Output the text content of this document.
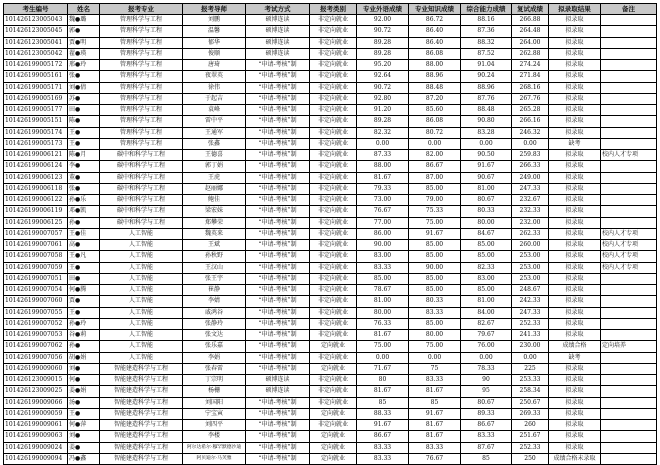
考生编号	姓名	报考专业	报考导师	考试方式	报考类别	专业外语成绩	专业知识成绩	综合能力成绩	复试成绩	拟录取结果	备注
101426123005043	魏●璐	管理科学与工程	刘鹏	硕博连读	非定向就业	92.00	86.72	88.16	266.88	拟录取	
101426123005045	郭●	管理科学与工程	温馨	硕博连读	非定向就业	90.72	86.40	87.36	264.48	拟录取	
101426123005041	贾●明	管理科学与工程	郁华	硕博连读	非定向就业	89.28	86.40	88.32	264.00	拟录取	
101426123005042	翟●瑛	管理科学与工程	俊顺	硕博连读	非定向就业	89.28	86.08	87.52	262.88	拟录取	
101426199005172	邢●玲	管理科学与工程	唐琦	“申请-考核”制	非定向就业	95.20	88.00	91.04	274.24	拟录取	
101426199005161	张●	管理科学与工程	夜翠英	“申请-考核”制	非定向就业	92.64	88.96	90.24	271.84	拟录取	
101426199005171	刘●倩	管理科学与工程	徐伟	“申请-考核”制	非定向就业	90.72	88.48	88.96	268.16	拟录取	
101426199005169	苏●	管理科学与工程	于起吉	“申请-考核”制	非定向就业	92.80	87.20	87.76	267.76	拟录取	
101426199005177	田●	管理科学与工程	袁峰	“申请-考核”制	非定向就业	91.20	85.60	88.48	265.28	拟录取	
101426199005151	陈●	管理科学与工程	雷中平	“申请-考核”制	非定向就业	89.28	86.08	90.80	266.16	拟录取	
101426199005174	王●	管理科学与工程	王通军	“申请-考核”制	非定向就业	82.32	80.72	83.28	246.32	拟录取	
101426199005173	王●	管理科学与工程	张鑫	“申请-考核”制	非定向就业	0.00	0.00	0.00	0.00	缺考	
101426199006121	陈●月	碳中和科学与工程	王德喜	“申请-考核”制	非定向就业	87.33	82.00	90.50	259.83	拟录取	校内人才专项
101426199006124	李●	碳中和科学与工程	郭丁娟	“申请-考核”制	非定向就业	88.00	86.67	91.67	266.33	拟录取	
101426199006123	董●	碳中和科学与工程	王虎	“申请-考核”制	非定向就业	81.67	87.00	90.67	249.00	拟录取	
101426199006118	张●	碳中和科学与工程	赵丽娜	“申请-考核”制	非定向就业	79.33	85.00	81.00	247.33	拟录取	
101426199006122	孙●乐	碳中和科学与工程	鲍佳	“申请-考核”制	非定向就业	73.00	79.00	80.67	232.67	拟录取	
101426199006119	邓●凯	碳中和科学与工程	梁宏妹	“申请-考核”制	非定向就业	76.67	75.33	80.33	232.33	拟录取	
101426199006125	孙●	碳中和科学与工程	郑攀荣	“申请-考核”制	非定向就业	77.00	75.00	80.00	232.00	拟录取	
101426199007057	王●佳	人工智能	魏英来	“申请-考核”制	非定向就业	86.00	91.67	84.67	262.33	拟录取	校内人才专项
101426199007061	高●	人工智能	王斌	“申请-考核”制	非定向就业	90.00	85.00	85.00	260.00	拟录取	校内人才专项
101426199007058	王●凡	人工智能	孙秋野	“申请-考核”制	非定向就业	83.00	85.00	85.00	253.00	拟录取	校内人才专项
101426199007059	王●	人工智能	王汉山	“申请-考核”制	非定向就业	83.33	90.00	82.33	253.00	拟录取	校内人才专项
101426199007051	田●	人工智能	张王宇	“申请-考核”制	非定向就业	85.00	85.00	83.00	253.00	拟录取	
101426199007054	何●腾	人工智能	崔静	“申请-考核”制	非定向就业	78.67	85.00	85.00	248.67	拟录取	
101426199007060	贾●	人工智能	李婧	“申请-考核”制	非定向就业	81.00	80.33	81.00	242.33	拟录取	
101426199007055	王●	人工智能	戚鸿谷	“申请-考核”制	非定向就业	80.00	83.33	84.00	247.33	拟录取	
101426199007052	孙●玲	人工智能	张静玲	“申请-考核”制	非定向就业	76.33	85.00	82.67	252.33	拟录取	
101426199007053	谷●莉	人工智能	张文达	“申请-考核”制	非定向就业	81.67	80.00	79.67	241.33	拟录取	
101426199007062	孙●	人工智能	张乐嘉	“申请-考核”制	定向就业	75.00	75.00	76.00	230.00	成绩合格	定向培养
101426199007056	胡●娟	人工智能	李娟	“申请-考核”制	非定向就业	0.00	0.00	0.00	0.00	缺考	
101426199009060	刘●	智能建造科学与工程	张春雷	“申请-考核”制	定向就业	71.67	75	78.33	225	拟录取	
101426123009015	何●	智能建造科学与工程	丁宗明	硕博连读	非定向就业	80	83.33	90	253.33	拟录取	
101426123009025	姜●娟	智能建造科学与工程	杨栅	硕博连读	非定向就业	81.67	81.67	95	258.34	拟录取	
101426199009066	汤●	智能建造科学与工程	刘国阳	“申请-考核”制	非定向就业	85	85	80.67	250.67	拟录取	
101426199009059	王●	智能建造科学与工程	宁宝寅	“申请-考核”制	定向就业	88.33	91.67	89.33	269.33	拟录取	
101426199009061	何●萍	智能建造科学与工程	刘四平	“申请-考核”制	非定向就业	91.67	81.67	86.67	260	拟录取	
101426199009063	刘●	智能建造科学与工程	李楼	“申请-考核”制	定向就业	86.67	81.67	83.33	251.67	拟录取	
101426199009024	姜●	智能建造科学与工程	阿尔达希尔·穆罕默德沙迪	“申请-考核”制	定向就业	83.33	83.33	87.67	252.33	拟录取	
101426199009094	冯●鑫	智能建造科学与工程	阿贝迪尔·马芙雅	“申请-考核”制	定向就业	83.33	76.67	85	250	成绩合格未录取	
